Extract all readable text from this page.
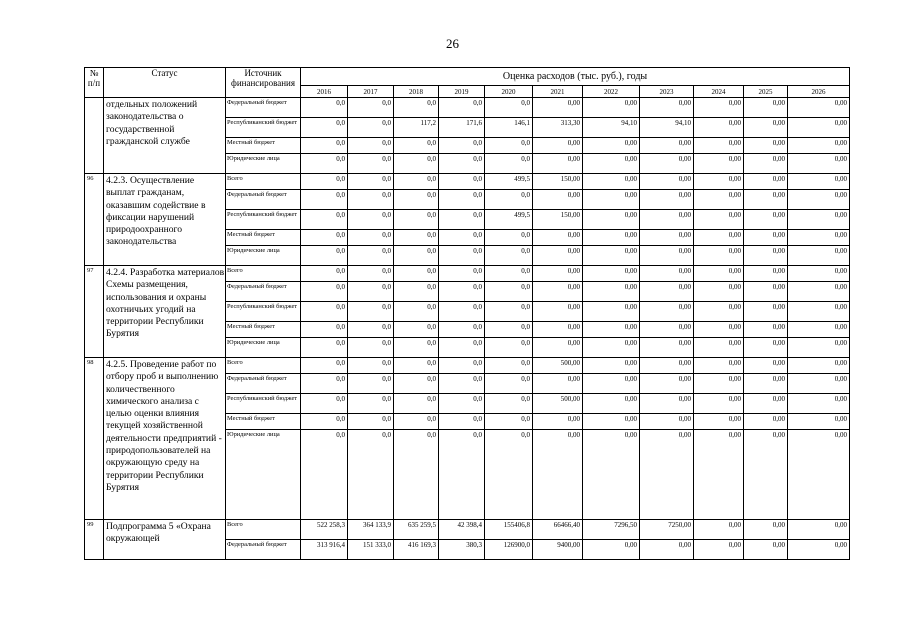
26
№ п/п	Статус	Источник финансирования	Оценка расходов (тыс. руб.), годы										
			2016	2017	2018	2019	2020	2021	2022	2023	2024	2025	2026
	отдельных положений законодательства о государственной гражданской службе	Федеральный бюджет	0,0	0,0	0,0	0,0	0,0	0,00	0,00	0,00	0,00	0,00	0,00
		Республиканский бюджет	0,0	0,0	117,2	171,6	146,1	313,30	94,10	94,10	0,00	0,00	0,00
		Местный бюджет	0,0	0,0	0,0	0,0	0,0	0,00	0,00	0,00	0,00	0,00	0,00
		Юридические лица	0,0	0,0	0,0	0,0	0,0	0,00	0,00	0,00	0,00	0,00	0,00
96	4.2.3. Осуществление выплат гражданам, оказавшим содействие в фиксации нарушений природоохранного законодательства	Всего	0,0	0,0	0,0	0,0	499,5	150,00	0,00	0,00	0,00	0,00	0,00
		Федеральный бюджет	0,0	0,0	0,0	0,0	0,0	0,00	0,00	0,00	0,00	0,00	0,00
		Республиканский бюджет	0,0	0,0	0,0	0,0	499,5	150,00	0,00	0,00	0,00	0,00	0,00
		Местный бюджет	0,0	0,0	0,0	0,0	0,0	0,00	0,00	0,00	0,00	0,00	0,00
		Юридические лица	0,0	0,0	0,0	0,0	0,0	0,00	0,00	0,00	0,00	0,00	0,00
97	4.2.4. Разработка материалов Схемы размещения, использования и охраны охотничьих угодий на территории Республики Бурятия	Всего	0,0	0,0	0,0	0,0	0,0	0,00	0,00	0,00	0,00	0,00	0,00
		Федеральный бюджет	0,0	0,0	0,0	0,0	0,0	0,00	0,00	0,00	0,00	0,00	0,00
		Республиканский бюджет	0,0	0,0	0,0	0,0	0,0	0,00	0,00	0,00	0,00	0,00	0,00
		Местный бюджет	0,0	0,0	0,0	0,0	0,0	0,00	0,00	0,00	0,00	0,00	0,00
		Юридические лица	0,0	0,0	0,0	0,0	0,0	0,00	0,00	0,00	0,00	0,00	0,00
98	4.2.5. Проведение работ по отбору проб и выполнению количественного химического анализа с целью оценки влияния текущей хозяйственной деятельности предприятий - природопользователей на окружающую среду на территории Республики Бурятия	Всего	0,0	0,0	0,0	0,0	0,0	500,00	0,00	0,00	0,00	0,00	0,00
		Федеральный бюджет	0,0	0,0	0,0	0,0	0,0	0,00	0,00	0,00	0,00	0,00	0,00
		Республиканский бюджет	0,0	0,0	0,0	0,0	0,0	500,00	0,00	0,00	0,00	0,00	0,00
		Местный бюджет	0,0	0,0	0,0	0,0	0,0	0,00	0,00	0,00	0,00	0,00	0,00
		Юридические лица	0,0	0,0	0,0	0,0	0,0	0,00	0,00	0,00	0,00	0,00	0,00
99	Подпрограмма 5 «Охрана окружающей	Всего	522 258,3	364 133,9	635 259,5	42 398,4	155406,8	66466,40	7296,50	7250,00	0,00	0,00	0,00
		Федеральный бюджет	313 916,4	151 333,0	416 169,3	380,3	126900,0	9400,00	0,00	0,00	0,00	0,00	0,00
